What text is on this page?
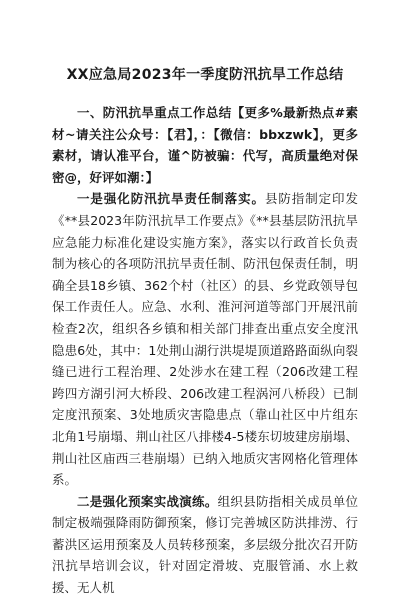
XX应急局2023年一季度防汛抗旱工作总结

一、防汛抗旱重点工作总结【更多%最新热点#素材~请关注公众号：【君】，：【微信：bbxzwk】，更多素材，请认准平台，谨^防被骗：代写，高质量绝对保密@，好评如潮：】

一是强化防汛抗旱责任制落实。县防指制定印发《**县2023年防汛抗旱工作要点》《**县基层防汛抗旱应急能力标准化建设实施方案》，落实以行政首长负责制为核心的各项防汛抗旱责任制、防汛包保责任制，明确全县18乡镇、362个村（社区）的县、乡党政领导包保工作责任人。应急、水利、淮河河道等部门开展汛前检查2次，组织各乡镇和相关部门排查出重点安全度汛隐患6处，其中：1处荆山湖行洪堤堤顶道路路面纵向裂缝已进行工程治理、2处涉水在建工程（206改建工程跨四方湖引河大桥段、206改建工程涡河八桥段）已制定度汛预案、3处地质灾害隐患点（靠山社区中片组东北角1号崩塌、荆山社区八排楼4-5楼东切坡建房崩塌、荆山社区庙西三巷崩塌）已纳入地质灾害网格化管理体系。

二是强化预案实战演练。组织县防指相关成员单位制定极端强降雨防御预案，修订完善城区防洪排涝、行蓄洪区运用预案及人员转移预案，多层级分批次召开防汛抗旱培训会议，针对固定滑坡、克服管涌、水上救援、无人机
